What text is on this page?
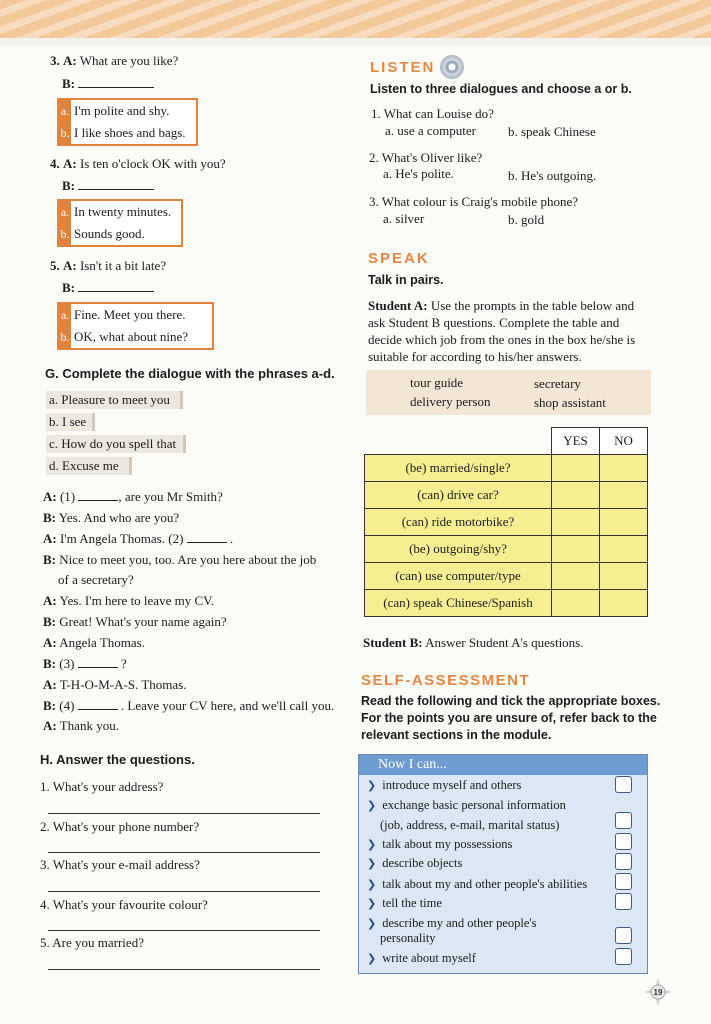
3. A: What are you like?
B:
a. I'm polite and shy.
b. I like shoes and bags.
4. A: Is ten o'clock OK with you?
B:
a. In twenty minutes.
b. Sounds good.
5. A: Isn't it a bit late?
B:
a. Fine. Meet you there.
b. OK, what about nine?
G. Complete the dialogue with the phrases a-d.
a. Pleasure to meet you
b. I see
c. How do you spell that
d. Excuse me
A: (1)	, are you Mr Smith?
B: Yes. And who are you?
A: I'm Angela Thomas. (2)	.
B: Nice to meet you, too. Are you here about the job
of a secretary?
A: Yes. I'm here to leave my CV.
B: Great! What's your name again?
A: Angela Thomas.
B: (3)	?
A: T-H-O-M-A-S. Thomas.
B: (4)	. Leave your CV here, and we'll call you.
A: Thank you.
H. Answer the questions.
1. What's your address?
2. What's your phone number?
3. What's your e-mail address?
4. What's your favourite colour?
5. Are you married?
LISTEN
Listen to three dialogues and choose a or b.
1. What can Louise do?
a. use a computer b. speak Chinese
2. What's Oliver like?
a. He's polite.	b. He's outgoing.
3. What colour is Craig's mobile phone?
a. silver	b. gold
SPEAK
Talk in pairs.
Student A: Use the prompts in the table below and
ask Student B questions. Complete the table and
decide which job from the ones in the box he/she is
suitable for according to his/her answers.
tour guide	secretary
delivery person	shop assistant
	YES	NO
(be) married/single?		
(can) drive car?		
(can) ride motorbike?		
(be) outgoing/shy?		
(can) use computer/type		
(can) speak Chinese/Spanish		
Student B: Answer Student A's questions.
SELF-ASSESSMENT
Read the following and tick the appropriate boxes.
For the points you are unsure of, refer back to the
relevant sections in the module.
Now I can...
❯ introduce myself and others
❯ exchange basic personal information
(job, address, e-mail, marital status)
❯ talk about my possessions
❯ describe objects
❯ talk about my and other people's abilities
❯ tell the time
❯ describe my and other people's
personality
❯ write about myself
19
